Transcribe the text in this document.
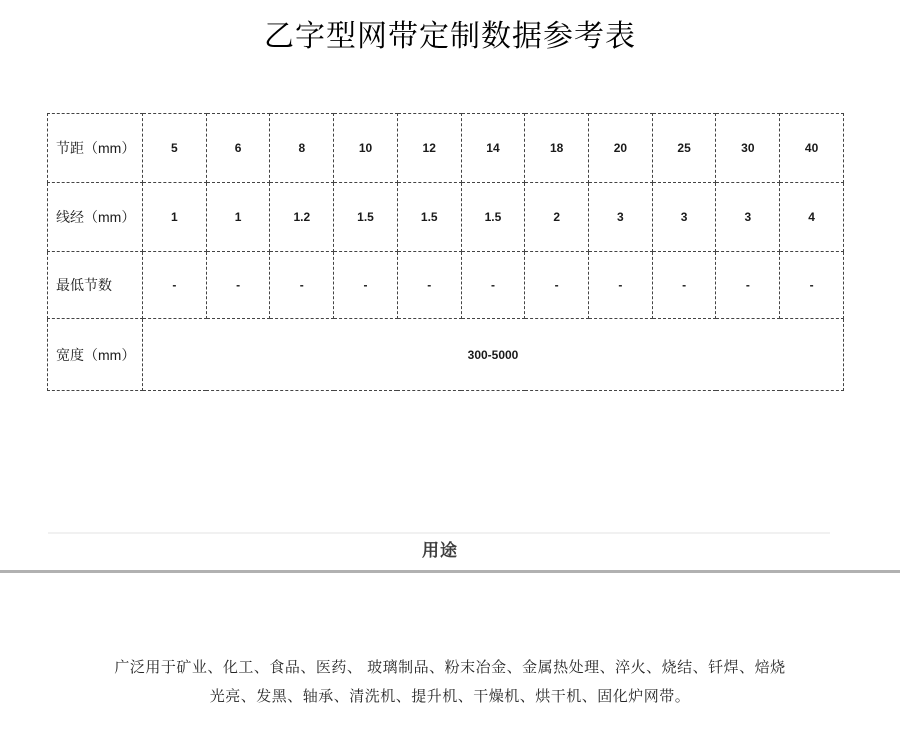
乙字型网带定制数据参考表
节距（mm）	5	6	8	10	12	14	18	20	25	30	40
线经（mm）	1	1	1.2	1.5	1.5	1.5	2	3	3	3	4
最低节数	-	-	-	-	-	-	-	-	-	-	-
宽度（mm）	300-5000										
用途
广泛用于矿业、化工、食品、医药、 玻璃制品、粉末冶金、金属热处理、淬火、烧结、钎焊、焙烧
光亮、发黑、轴承、清洗机、提升机、干燥机、烘干机、固化炉网带。
